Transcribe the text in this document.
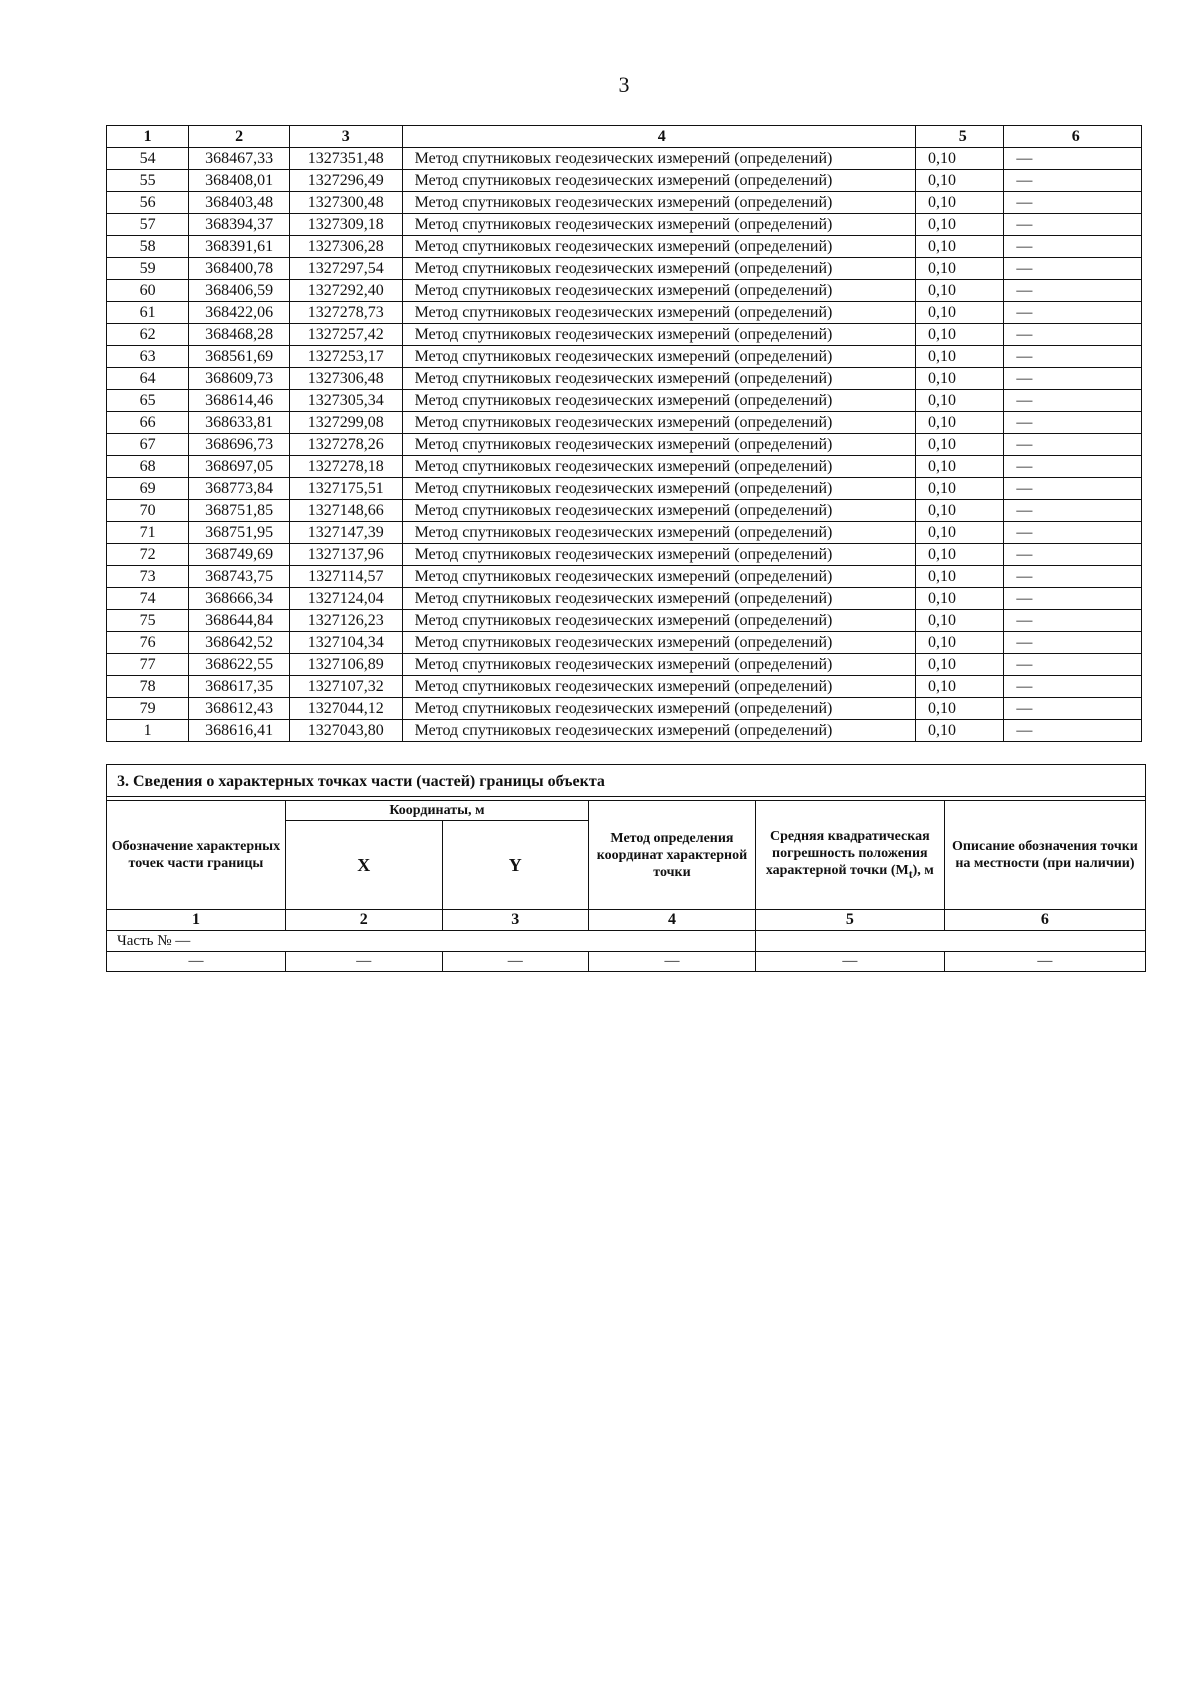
3
1	2	3	4	5	6
54	368467,33	1327351,48	Метод спутниковых геодезических измерений (определений)	0,10	—
55	368408,01	1327296,49	Метод спутниковых геодезических измерений (определений)	0,10	—
56	368403,48	1327300,48	Метод спутниковых геодезических измерений (определений)	0,10	—
57	368394,37	1327309,18	Метод спутниковых геодезических измерений (определений)	0,10	—
58	368391,61	1327306,28	Метод спутниковых геодезических измерений (определений)	0,10	—
59	368400,78	1327297,54	Метод спутниковых геодезических измерений (определений)	0,10	—
60	368406,59	1327292,40	Метод спутниковых геодезических измерений (определений)	0,10	—
61	368422,06	1327278,73	Метод спутниковых геодезических измерений (определений)	0,10	—
62	368468,28	1327257,42	Метод спутниковых геодезических измерений (определений)	0,10	—
63	368561,69	1327253,17	Метод спутниковых геодезических измерений (определений)	0,10	—
64	368609,73	1327306,48	Метод спутниковых геодезических измерений (определений)	0,10	—
65	368614,46	1327305,34	Метод спутниковых геодезических измерений (определений)	0,10	—
66	368633,81	1327299,08	Метод спутниковых геодезических измерений (определений)	0,10	—
67	368696,73	1327278,26	Метод спутниковых геодезических измерений (определений)	0,10	—
68	368697,05	1327278,18	Метод спутниковых геодезических измерений (определений)	0,10	—
69	368773,84	1327175,51	Метод спутниковых геодезических измерений (определений)	0,10	—
70	368751,85	1327148,66	Метод спутниковых геодезических измерений (определений)	0,10	—
71	368751,95	1327147,39	Метод спутниковых геодезических измерений (определений)	0,10	—
72	368749,69	1327137,96	Метод спутниковых геодезических измерений (определений)	0,10	—
73	368743,75	1327114,57	Метод спутниковых геодезических измерений (определений)	0,10	—
74	368666,34	1327124,04	Метод спутниковых геодезических измерений (определений)	0,10	—
75	368644,84	1327126,23	Метод спутниковых геодезических измерений (определений)	0,10	—
76	368642,52	1327104,34	Метод спутниковых геодезических измерений (определений)	0,10	—
77	368622,55	1327106,89	Метод спутниковых геодезических измерений (определений)	0,10	—
78	368617,35	1327107,32	Метод спутниковых геодезических измерений (определений)	0,10	—
79	368612,43	1327044,12	Метод спутниковых геодезических измерений (определений)	0,10	—
1	368616,41	1327043,80	Метод спутниковых геодезических измерений (определений)	0,10	—
3. Сведения о характерных точках части (частей) границы объекта
Обозначение характерных точек части границы	Координаты, м		Метод определения координат характерной точки	Средняя квадратическая погрешность положения характерной точки $(M_t)$, м	Описание обозначения точки на местности (при наличии)
	X	Y			
1	2	3	4	5	6
Часть № —					
—	—	—	—	—	—
